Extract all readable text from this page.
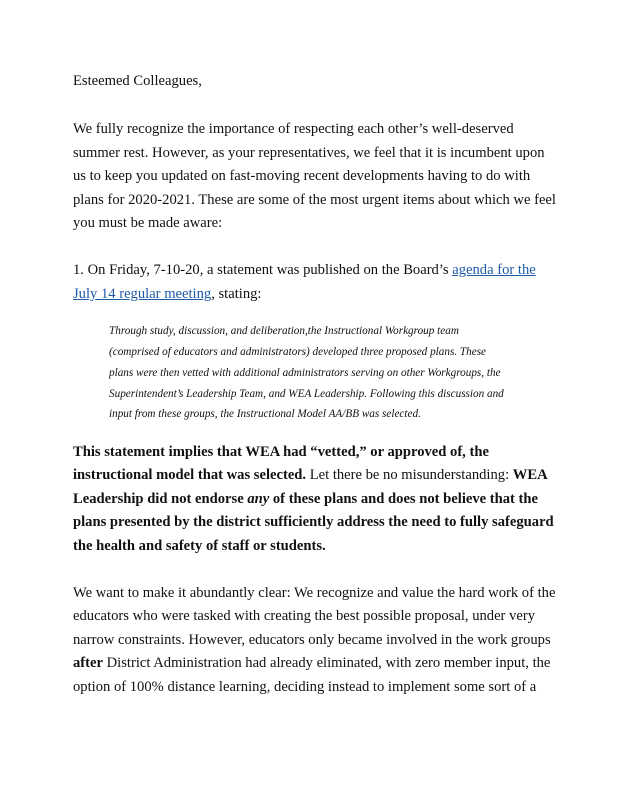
Esteemed Colleagues,
We fully recognize the importance of respecting each other’s well-deserved
summer rest. However, as your representatives, we feel that it is incumbent upon
us to keep you updated on fast-moving recent developments having to do with
plans for 2020-2021. These are some of the most urgent items about which we feel
you must be made aware:
1. On Friday, 7-10-20, a statement was published on the Board’s agenda for the
July 14 regular meeting, stating:
Through study, discussion, and deliberation,the Instructional Workgroup team
(comprised of educators and administrators) developed three proposed plans. These
plans were then vetted with additional administrators serving on other Workgroups, the
Superintendent’s Leadership Team, and WEA Leadership. Following this discussion and
input from these groups, the Instructional Model AA/BB was selected.
This statement implies that WEA had “vetted,” or approved of, the
instructional model that was selected. Let there be no misunderstanding: WEA
Leadership did not endorse any of these plans and does not believe that the
plans presented by the district sufficiently address the need to fully safeguard
the health and safety of staff or students.
We want to make it abundantly clear: We recognize and value the hard work of the
educators who were tasked with creating the best possible proposal, under very
narrow constraints. However, educators only became involved in the work groups
after District Administration had already eliminated, with zero member input, the
option of 100% distance learning, deciding instead to implement some sort of a
